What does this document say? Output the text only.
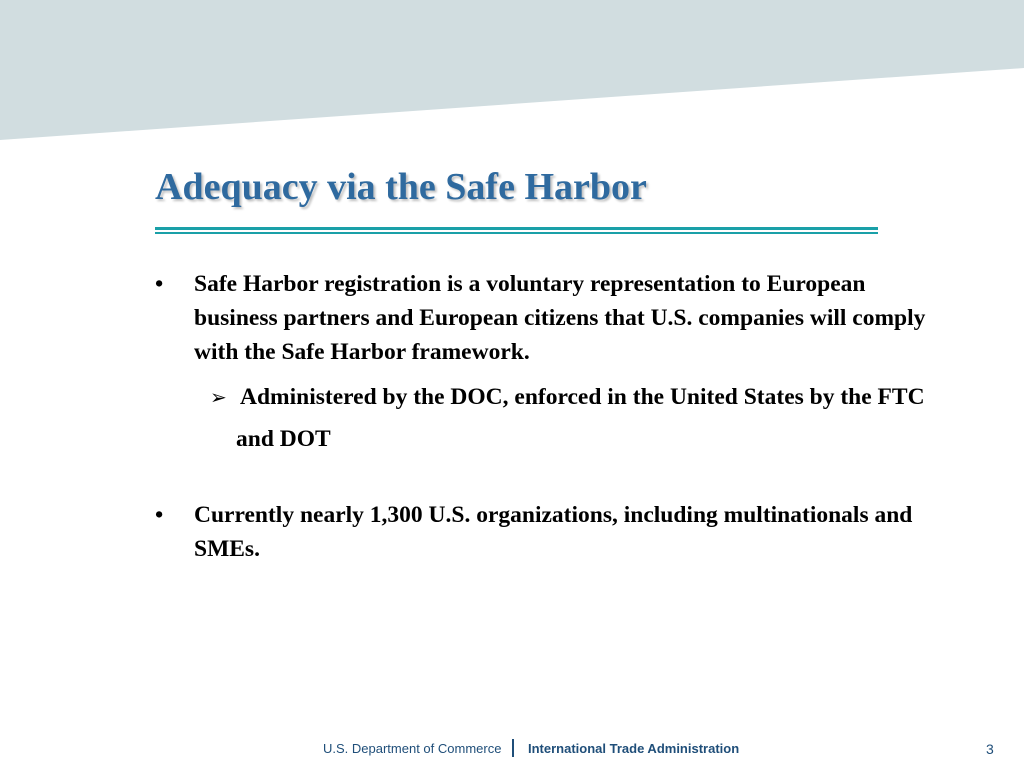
Adequacy via the Safe Harbor
•	Safe Harbor registration is a voluntary representation to European business partners and European citizens that U.S. companies will comply with the Safe Harbor framework.
➢ Administered by the DOC, enforced in the United States by the FTC and DOT
•	Currently nearly 1,300 U.S. organizations, including multinationals and SMEs.
U.S. Department of Commerce International Trade Administration	3
